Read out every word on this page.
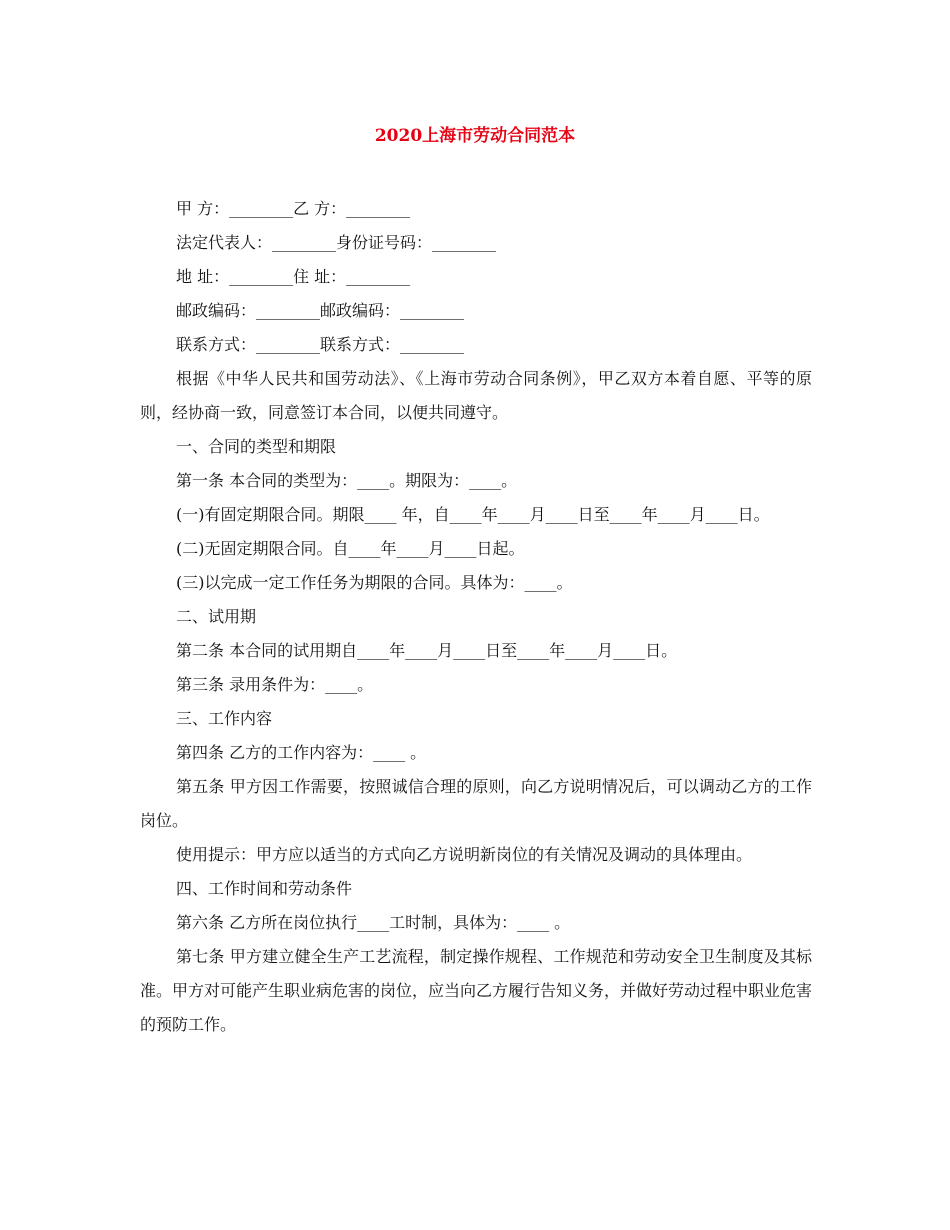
2020上海市劳动合同范本
甲 方：________乙 方：________
法定代表人：________身份证号码：________
地 址：________住 址：________
邮政编码：________邮政编码：________
联系方式：________联系方式：________
根据《中华人民共和国劳动法》、《上海市劳动合同条例》，甲乙双方本着自愿、平等的原则，经协商一致，同意签订本合同，以便共同遵守。
一、合同的类型和期限
第一条 本合同的类型为：____。期限为：____。
(一)有固定期限合同。期限____ 年，自____年____月____日至____年____月____日。
(二)无固定期限合同。自____年____月____日起。
(三)以完成一定工作任务为期限的合同。具体为：____。
二、试用期
第二条 本合同的试用期自____年____月____日至____年____月____日。
第三条 录用条件为：____。
三、工作内容
第四条 乙方的工作内容为：____ 。
第五条 甲方因工作需要，按照诚信合理的原则，向乙方说明情况后，可以调动乙方的工作岗位。
使用提示：甲方应以适当的方式向乙方说明新岗位的有关情况及调动的具体理由。
四、工作时间和劳动条件
第六条 乙方所在岗位执行____工时制，具体为：____ 。
第七条 甲方建立健全生产工艺流程，制定操作规程、工作规范和劳动安全卫生制度及其标准。甲方对可能产生职业病危害的岗位，应当向乙方履行告知义务，并做好劳动过程中职业危害的预防工作。
